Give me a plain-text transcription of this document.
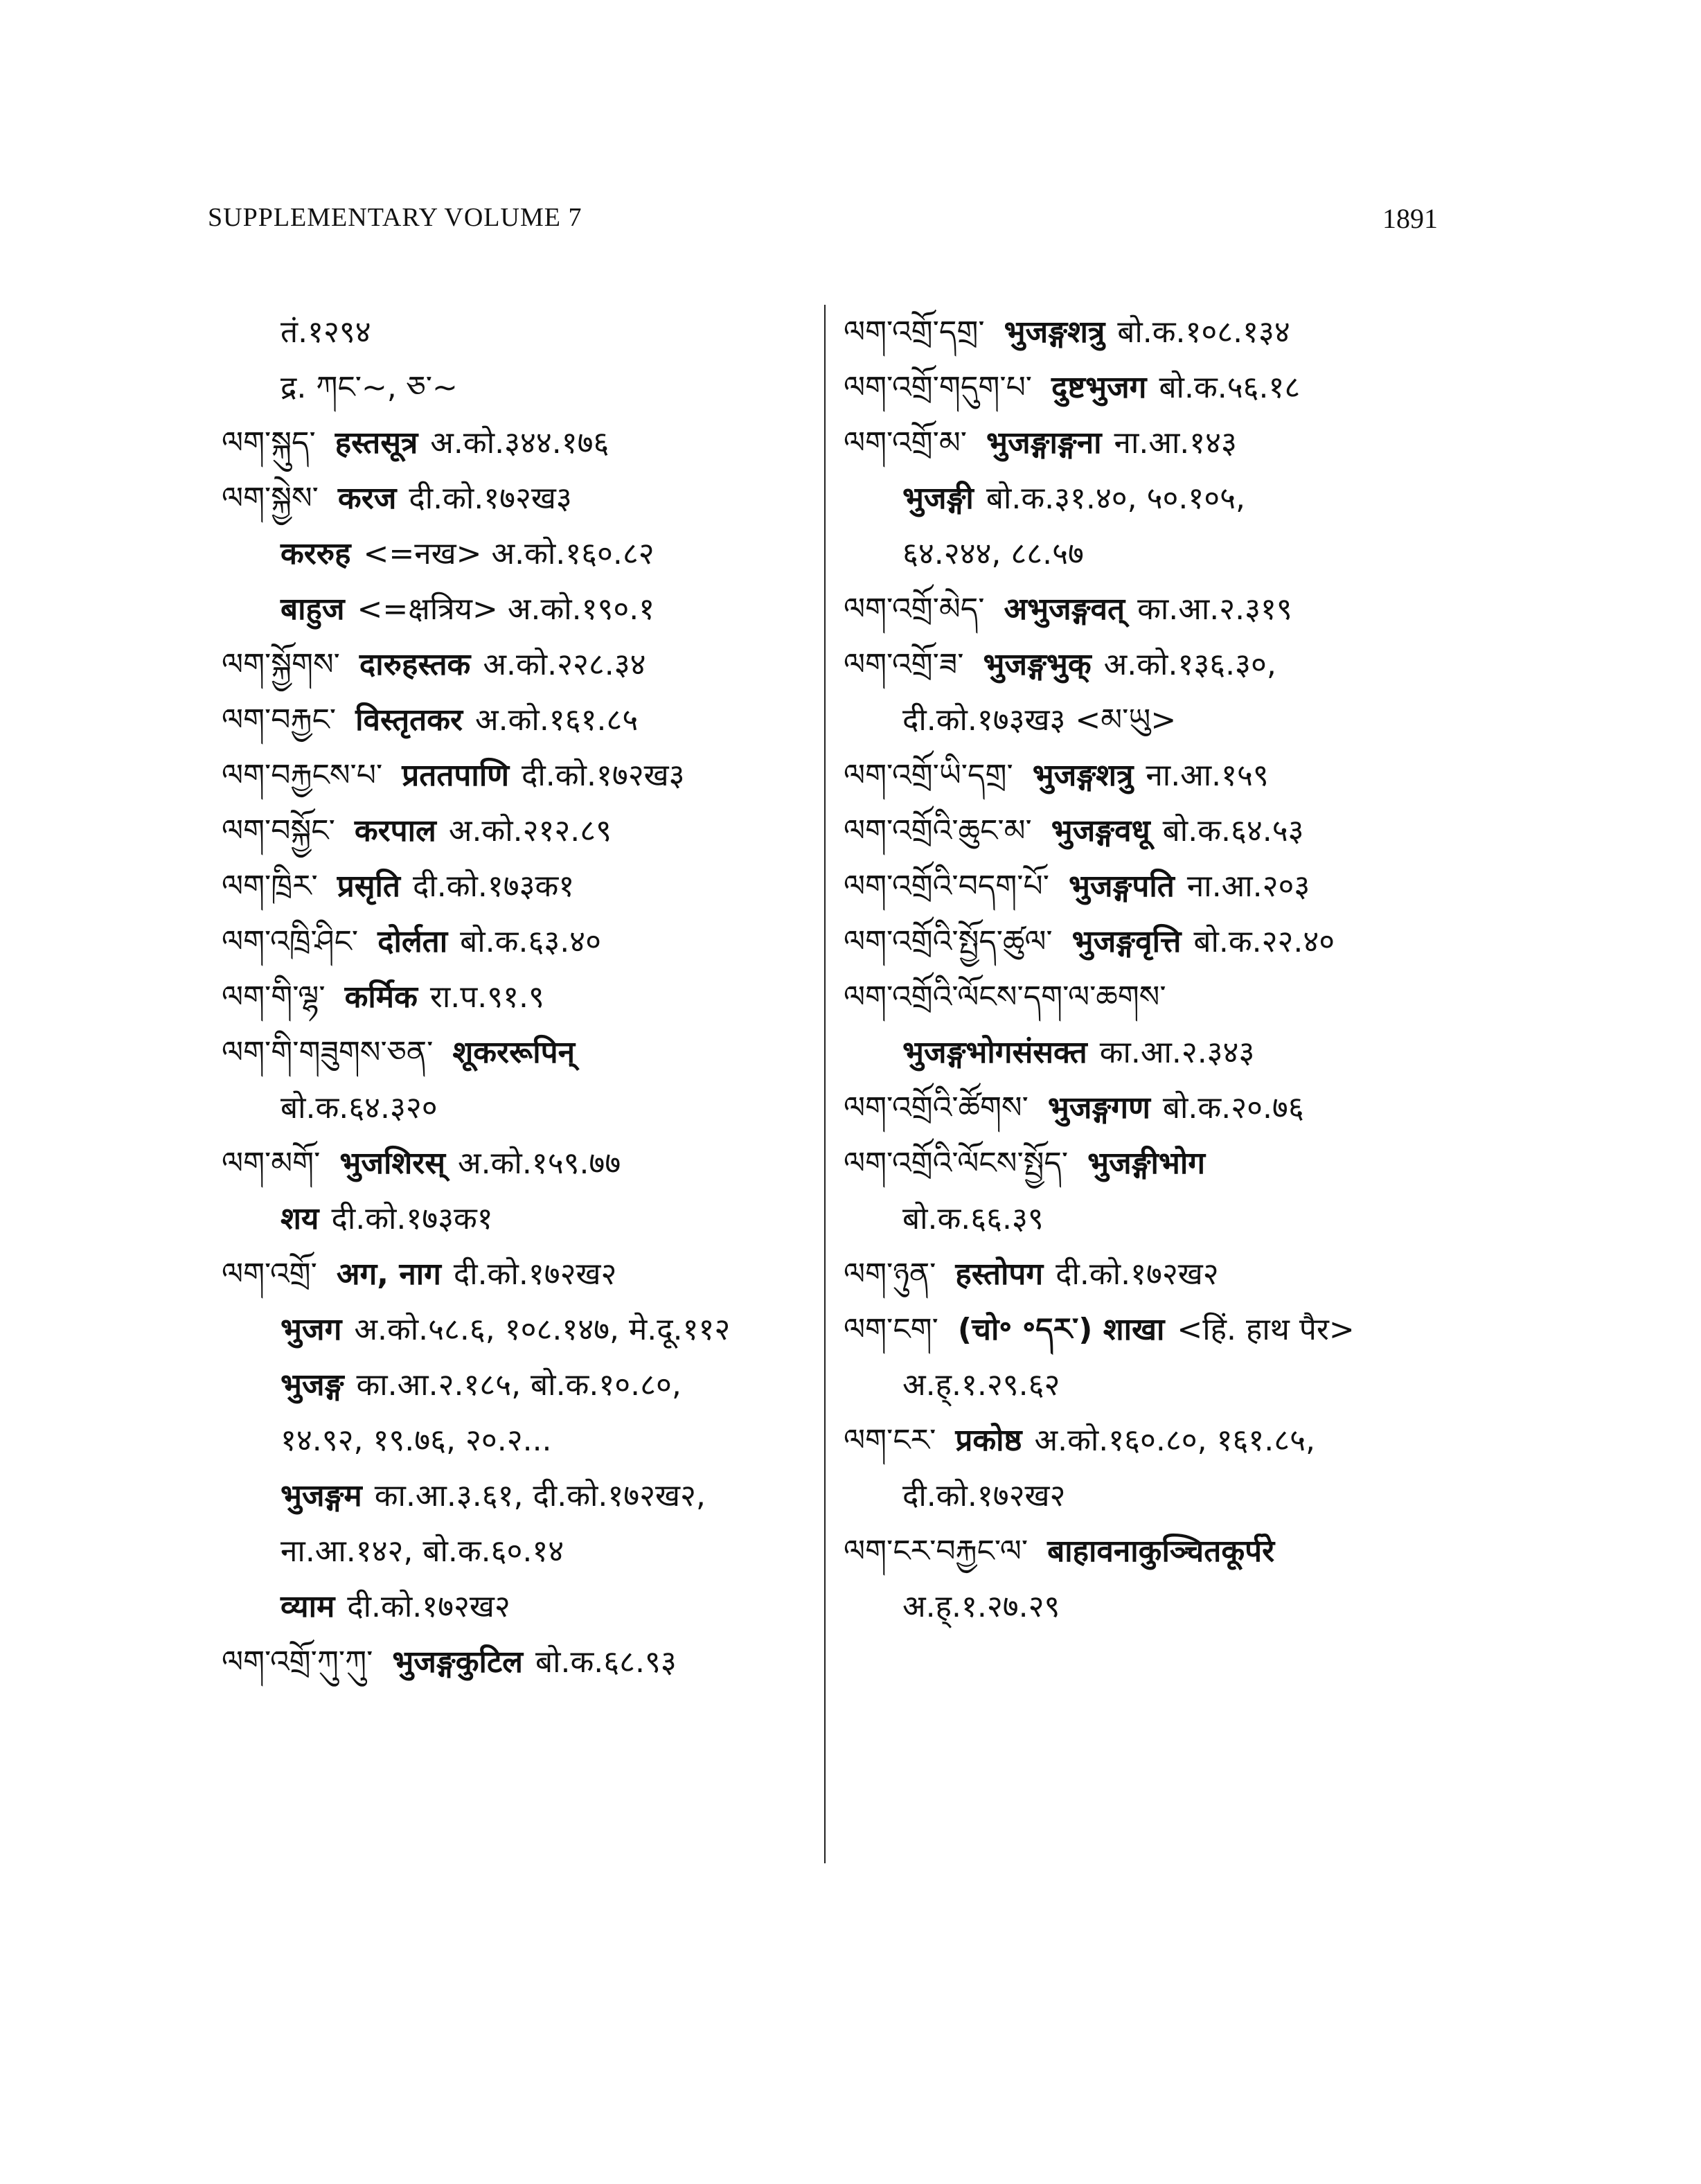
SUPPLEMENTARY VOLUME 7	1891
तं.१२९४
द्र. ཀང་~, ཅ་~
ལག་སྐུད་ हस्तसूत्र अ.को.३४४.१७६
ལག་སྐྱེས་ करज दी.को.१७२ख३
कररुह <=नख> अ.को.१६०.८२
बाहुज <=क्षत्रिय> अ.को.१९०.१
ལག་སྐྱོགས་ दारुहस्तक अ.को.२२८.३४
ལག་བརྐྱང་ विस्तृतकर अ.को.१६१.८५
ལག་བརྐྱངས་པ་ प्रततपाणि दी.को.१७२ख३
ལག་བསྐྱོང་ करपाल अ.को.२१२.८९
ལག་ཁྲིར་ प्रसृति दी.को.१७३क१
ལག་འཁྲི་ཤིང་ दोर्लता बो.क.६३.४०
ལག་གི་ལྷ་ कर्मिक रा.प.९१.९
ལག་གི་གཟུགས་ཅན་ शूकररूपिन्
बो.क.६४.३२०
ལག་མགོ་ भुजशिरस् अ.को.१५९.७७
शय दी.को.१७३क१
ལག་འགྲོ་ अग, नाग दी.को.१७२ख२
भुजग अ.को.५८.६, १०८.१४७, मे.दू.११२
भुजङ्ग का.आ.२.१८५, बो.क.१०.८०,
१४.९२, १९.७६, २०.२...
भुजङ्गम का.आ.३.६१, दी.को.१७२ख२,
ना.आ.१४२, बो.क.६०.१४
व्याम दी.को.१७२ख२
ལག་འགྲོ་ཀུ་ཀུ་ भुजङ्गकुटिल बो.क.६८.९३
ལག་འགྲོ་དགྲ་ भुजङ्गशत्रु बो.क.१०८.१३४
ལག་འགྲོ་གདུག་པ་ दुष्टभुजग बो.क.५६.१८
ལག་འགྲོ་མ་ भुजङ्गाङ्गना ना.आ.१४३
भुजङ्गी बो.क.३१.४०, ५०.१०५,
६४.२४४, ८८.५७
ལག་འགྲོ་མེད་ अभुजङ्गवत् का.आ.२.३१९
ལག་འགྲོ་ཟ་ भुजङ्गभुक् अ.को.१३६.३०,
दी.को.१७३ख३ <མ་ཡུ>
ལག་འགྲོ་ཡི་དགྲ་ भुजङ्गशत्रु ना.आ.१५९
ལག་འགྲོའི་ཆུང་མ་ भुजङ्गवधू बो.क.६४.५३
ལག་འགྲོའི་བདག་པོ་ भुजङ्गपति ना.आ.२०३
ལག་འགྲོའི་སྤྱོད་ཚུལ་ भुजङ्गवृत्ति बो.क.२२.४०
ལག་འགྲོའི་ལོངས་དག་ལ་ཆགས་
भुजङ्गभोगसंसक्त का.आ.२.३४३
ལག་འགྲོའི་ཚོགས་ भुजङ्गगण बो.क.२०.७६
ལག་འགྲོའི་ལོངས་སྤྱོད་ भुजङ्गीभोग
बो.क.६६.३९
ལག་ཉུན་ हस्तोपग दी.को.१७२ख२
ལག་ངག་ (चो॰ ॰དར་) शाखा <हिं. हाथ पैर>
अ.ह्.१.२९.६२
ལག་ངར་ प्रकोष्ठ अ.को.१६०.८०, १६१.८५,
दी.को.१७२ख२
ལག་ངར་བརྐྱང་ལ་ बाहावनाकुञ्चितकूर्परे
अ.ह्.१.२७.२९
